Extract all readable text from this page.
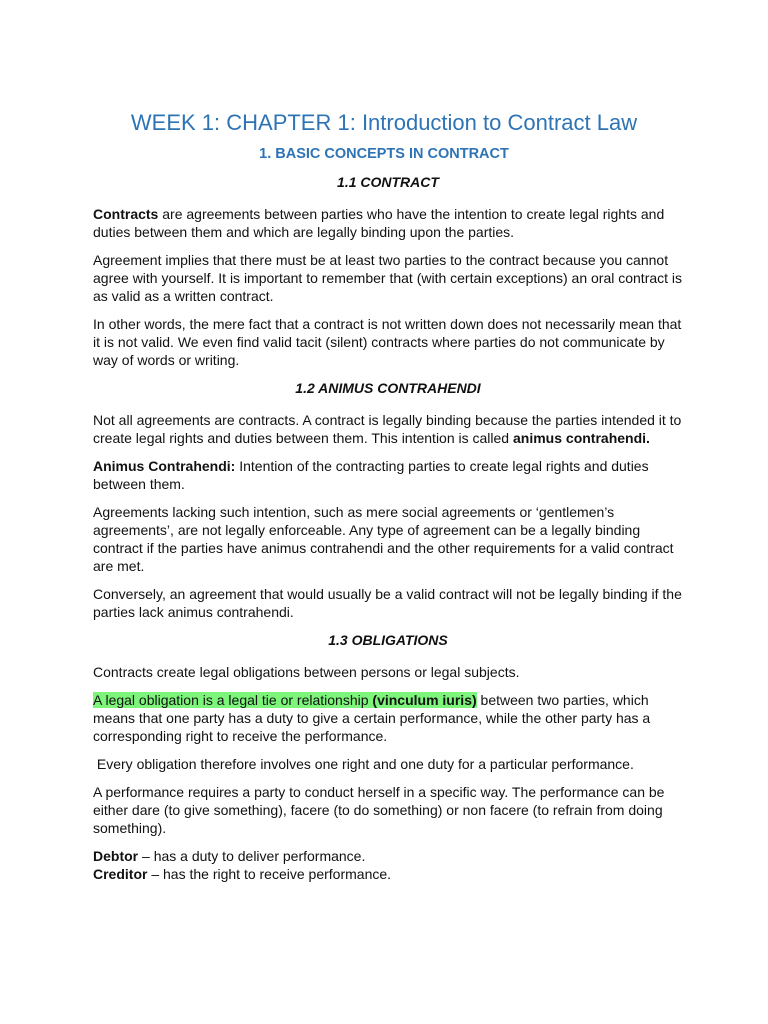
WEEK 1: CHAPTER 1: Introduction to Contract Law
1. BASIC CONCEPTS IN CONTRACT
1.1 CONTRACT

Contracts are agreements between parties who have the intention to create legal rights and duties between them and which are legally binding upon the parties.

Agreement implies that there must be at least two parties to the contract because you cannot agree with yourself. It is important to remember that (with certain exceptions) an oral contract is as valid as a written contract.

In other words, the mere fact that a contract is not written down does not necessarily mean that it is not valid. We even find valid tacit (silent) contracts where parties do not communicate by way of words or writing.

1.2 ANIMUS CONTRAHENDI

Not all agreements are contracts. A contract is legally binding because the parties intended it to create legal rights and duties between them. This intention is called animus contrahendi.

Animus Contrahendi: Intention of the contracting parties to create legal rights and duties between them.

Agreements lacking such intention, such as mere social agreements or ‘gentlemen’s agreements’, are not legally enforceable. Any type of agreement can be a legally binding contract if the parties have animus contrahendi and the other requirements for a valid contract are met.

Conversely, an agreement that would usually be a valid contract will not be legally binding if the parties lack animus contrahendi.

1.3 OBLIGATIONS

Contracts create legal obligations between persons or legal subjects.

A legal obligation is a legal tie or relationship (vinculum iuris) between two parties, which means that one party has a duty to give a certain performance, while the other party has a corresponding right to receive the performance.

Every obligation therefore involves one right and one duty for a particular performance.

A performance requires a party to conduct herself in a specific way. The performance can be either dare (to give something), facere (to do something) or non facere (to refrain from doing something).

Debtor – has a duty to deliver performance.
Creditor – has the right to receive performance.
